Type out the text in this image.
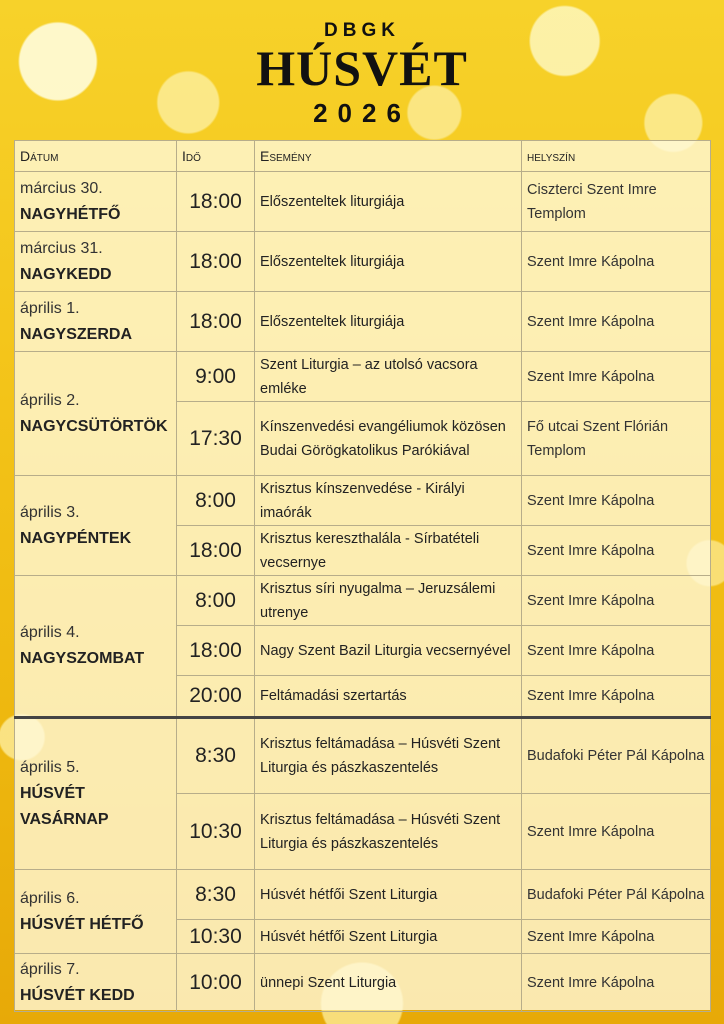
DBGK
HÚSVÉT
2026
Dátum	Idő	Esemény	helyszín

március 30.
NAGYHÉTFŐ	18:00	Előszenteltek liturgiája	Ciszterci Szent Imre Templom

március 31.
NAGYKEDD	18:00	Előszenteltek liturgiája	Szent Imre Kápolna

április 1.
NAGYSZERDA	18:00	Előszenteltek liturgiája	Szent Imre Kápolna

április 2.
NAGYCSÜTÖRTÖK	9:00	Szent Liturgia – az utolsó vacsora emléke	Szent Imre Kápolna
	17:30	Kínszenvedési evangéliumok közösen Budai Görögkatolikus Parókiával	Fő utcai Szent Flórián Templom

április 3.
NAGYPÉNTEK	8:00	Krisztus kínszenvedése - Királyi imaórák	Szent Imre Kápolna
	18:00	Krisztus kereszthalála - Sírbatételi vecsernye	Szent Imre Kápolna

április 4.
NAGYSZOMBAT	8:00	Krisztus síri nyugalma – Jeruzsálemi utrenye	Szent Imre Kápolna
	18:00	Nagy Szent Bazil Liturgia vecsernyével	Szent Imre Kápolna
	20:00	Feltámadási szertartás	Szent Imre Kápolna

április 5.
HÚSVÉT VASÁRNAP	8:30	Krisztus feltámadása – Húsvéti Szent Liturgia és pászkaszentelés	Budafoki Péter Pál Kápolna
	10:30	Krisztus feltámadása – Húsvéti Szent Liturgia és pászkaszentelés	Szent Imre Kápolna

április 6.
HÚSVÉT HÉTFŐ	8:30	Húsvét hétfői Szent Liturgia	Budafoki Péter Pál Kápolna
	10:30	Húsvét hétfői Szent Liturgia	Szent Imre Kápolna

április 7.
HÚSVÉT KEDD	10:00	ünnepi Szent Liturgia	Szent Imre Kápolna
